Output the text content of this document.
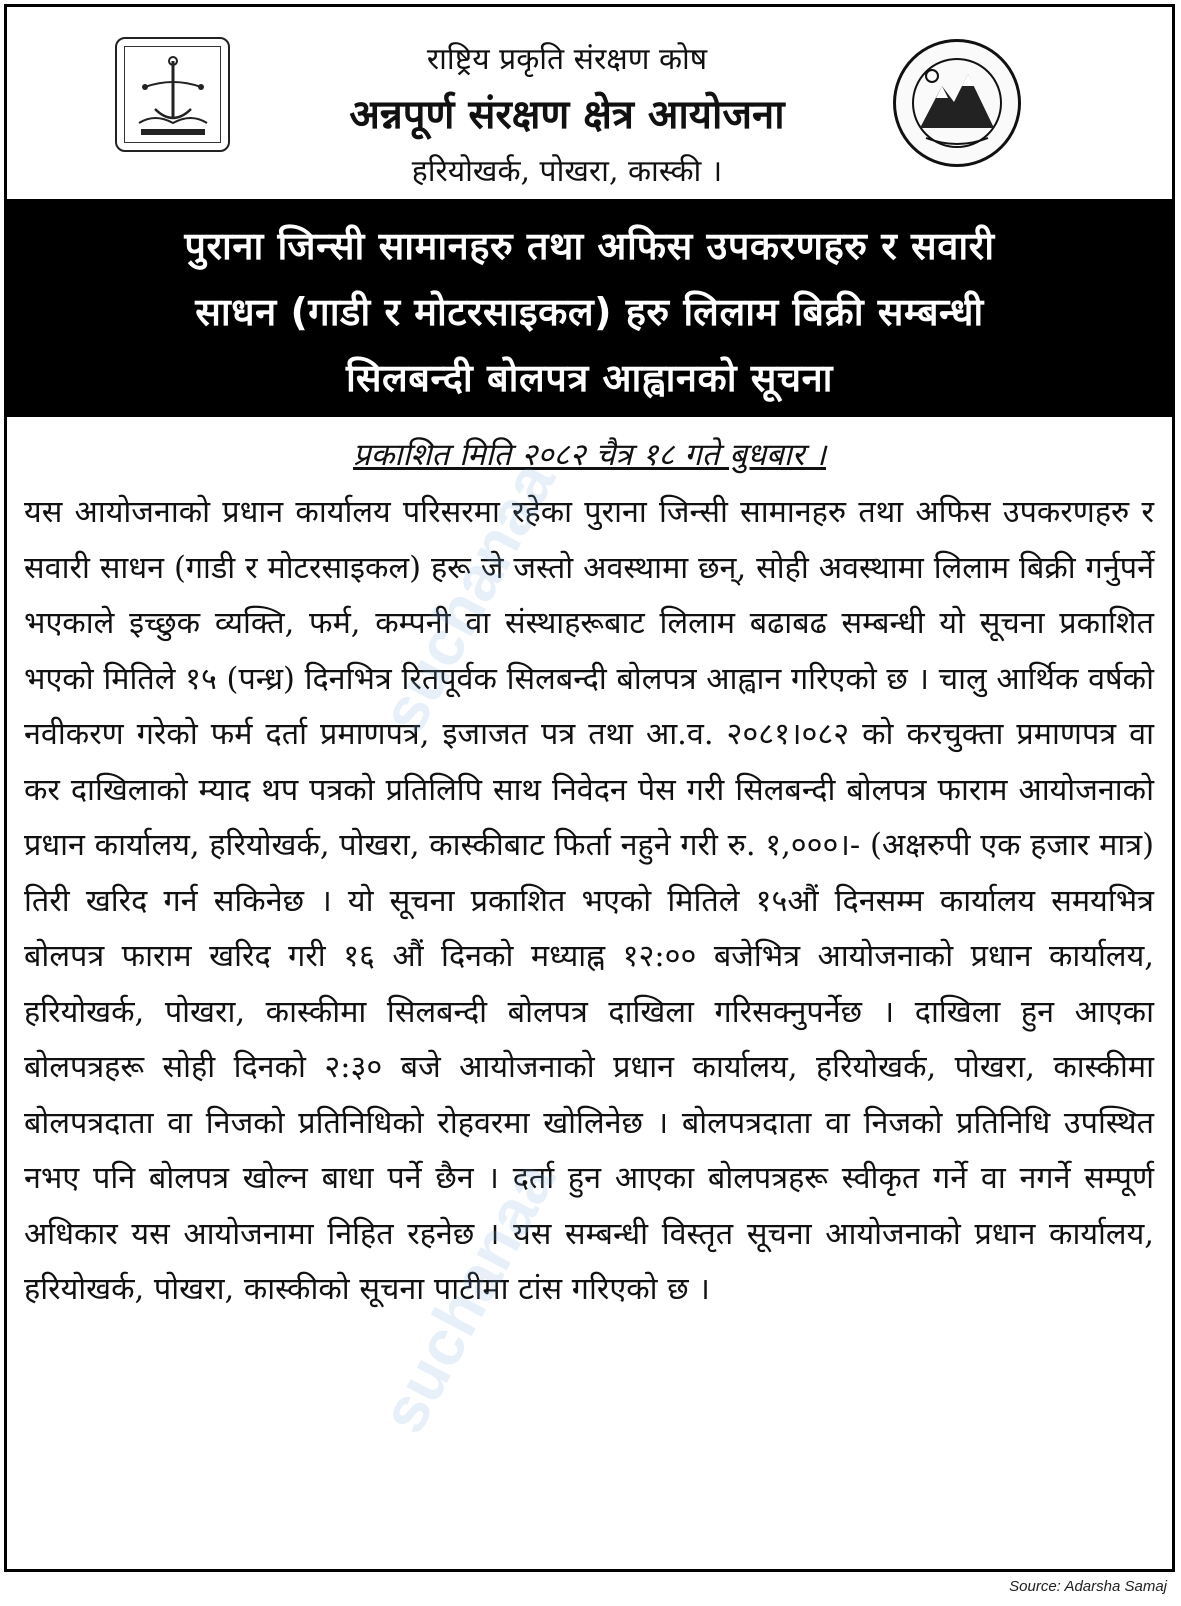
राष्ट्रिय प्रकृति संरक्षण कोष
अन्नपूर्ण संरक्षण क्षेत्र आयोजना
हरियोखर्क, पोखरा, कास्की ।
पुराना जिन्सी सामानहरु तथा अफिस उपकरणहरु र सवारी
साधन (गाडी र मोटरसाइकल) हरु लिलाम बिक्री सम्बन्धी
सिलबन्दी बोलपत्र आह्वानको सूचना
प्रकाशित मिति २०८२ चैत्र १८ गते बुधबार ।
यस आयोजनाको प्रधान कार्यालय परिसरमा रहेका पुराना जिन्सी सामानहरु तथा अफिस उपकरणहरु र सवारी साधन (गाडी र मोटरसाइकल) हरू जे जस्तो अवस्थामा छन्, सोही अवस्थामा लिलाम बिक्री गर्नुपर्ने भएकाले इच्छुक व्यक्ति, फर्म, कम्पनी वा संस्थाहरूबाट लिलाम बढाबढ सम्बन्धी यो सूचना प्रकाशित भएको मितिले १५ (पन्ध्र) दिनभित्र रितपूर्वक सिलबन्दी बोलपत्र आह्वान गरिएको छ । चालु आर्थिक वर्षको नवीकरण गरेको फर्म दर्ता प्रमाणपत्र, इजाजत पत्र तथा आ.व. २०८१।०८२ को करचुक्ता प्रमाणपत्र वा कर दाखिलाको म्याद थप पत्रको प्रतिलिपि साथ निवेदन पेस गरी सिलबन्दी बोलपत्र फाराम आयोजनाको प्रधान कार्यालय, हरियोखर्क, पोखरा, कास्कीबाट फिर्ता नहुने गरी रु. १,०००।- (अक्षरुपी एक हजार मात्र) तिरी खरिद गर्न सकिनेछ । यो सूचना प्रकाशित भएको मितिले १५औं दिनसम्म कार्यालय समयभित्र बोलपत्र फाराम खरिद गरी १६ औं दिनको मध्याह्न १२:०० बजेभित्र आयोजनाको प्रधान कार्यालय, हरियोखर्क, पोखरा, कास्कीमा सिलबन्दी बोलपत्र दाखिला गरिसक्नुपर्नेछ । दाखिला हुन आएका बोलपत्रहरू सोही दिनको २:३० बजे आयोजनाको प्रधान कार्यालय, हरियोखर्क, पोखरा, कास्कीमा बोलपत्रदाता वा निजको प्रतिनिधिको रोहवरमा खोलिनेछ । बोलपत्रदाता वा निजको प्रतिनिधि उपस्थित नभए पनि बोलपत्र खोल्न बाधा पर्ने छैन । दर्ता हुन आएका बोलपत्रहरू स्वीकृत गर्ने वा नगर्ने सम्पूर्ण अधिकार यस आयोजनामा निहित रहनेछ । यस सम्बन्धी विस्तृत सूचना आयोजनाको प्रधान कार्यालय, हरियोखर्क, पोखरा, कास्कीको सूचना पाटीमा टांस गरिएको छ ।
suchanaa
suchanaa
Source: Adarsha Samaj
